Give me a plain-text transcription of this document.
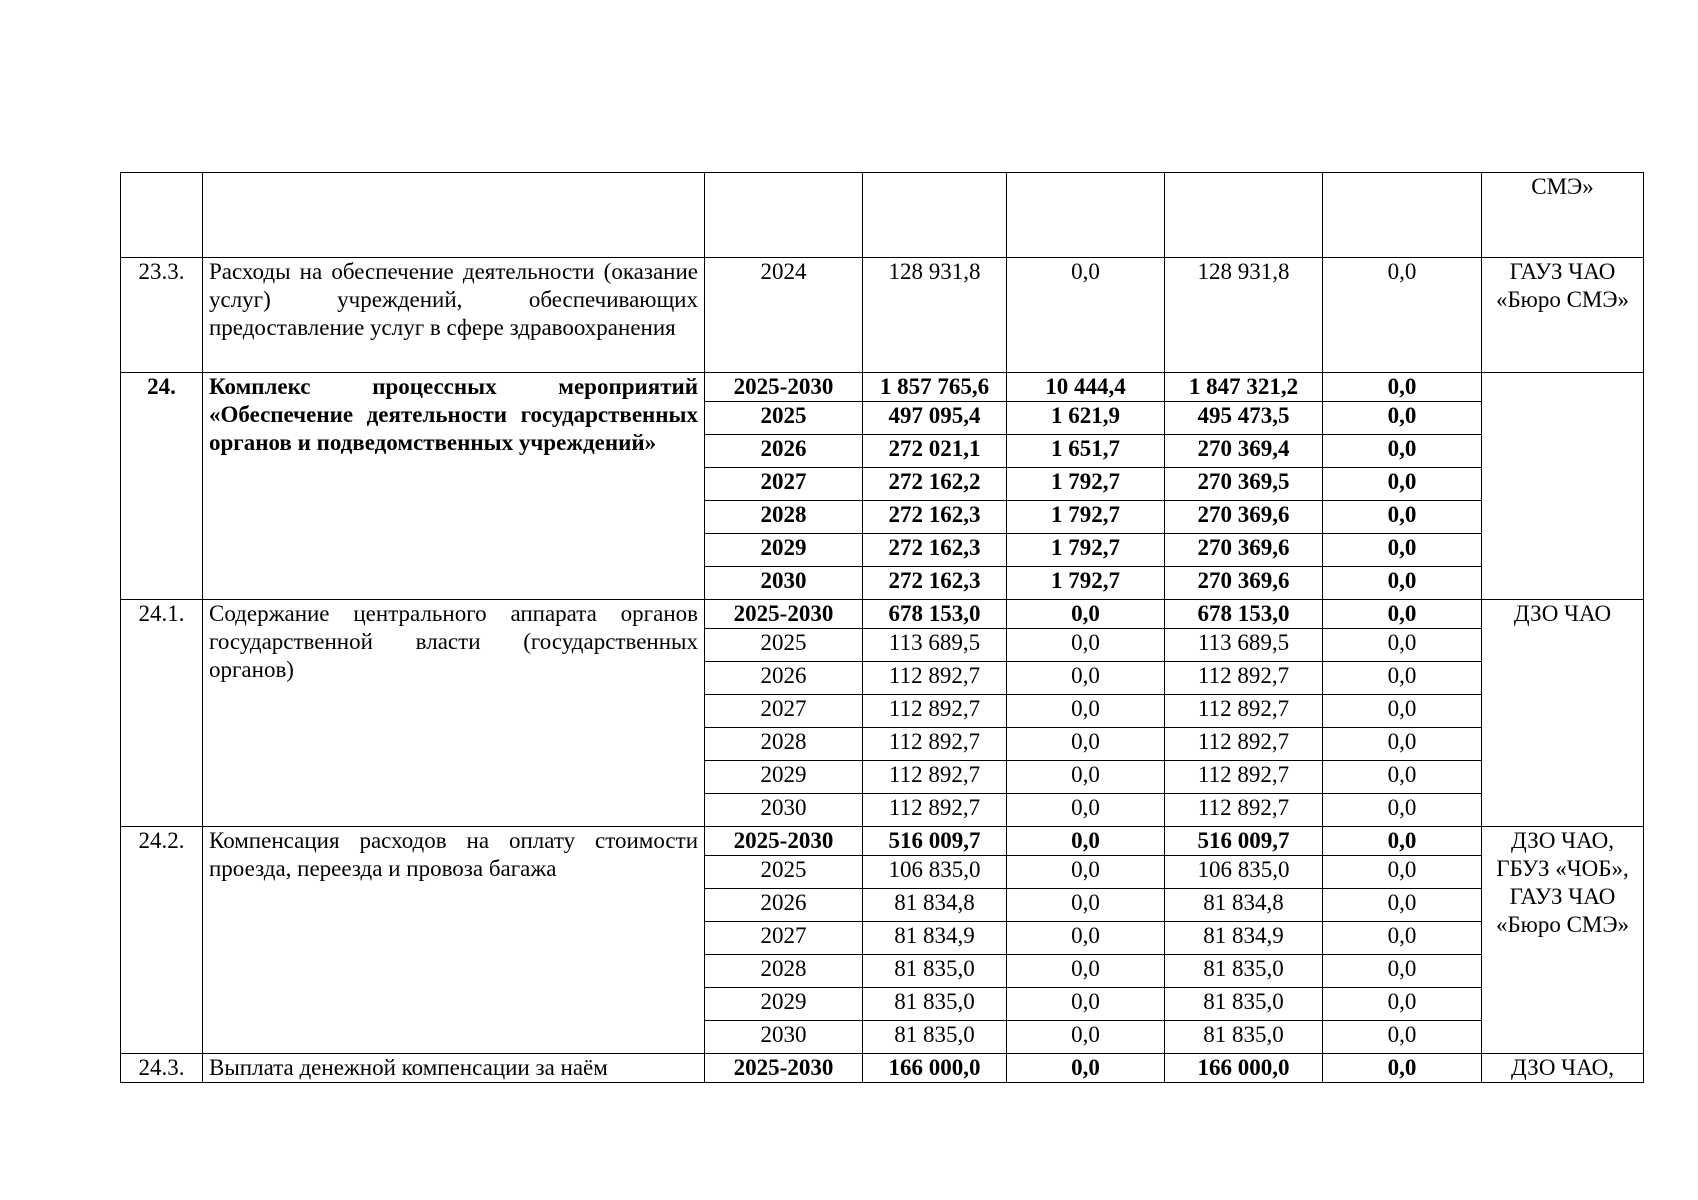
							СМЭ»
23.3.	Расходы на обеспечение деятельности (оказание услуг) учреждений, обеспечивающих предоставление услуг в сфере здравоохранения	2024	128 931,8	0,0	128 931,8	0,0	ГАУЗ ЧАО «Бюро СМЭ»
24.	Комплекс процессных мероприятий «Обеспечение деятельности государственных органов и подведомственных учреждений»	2025-2030	1 857 765,6	10 444,4	1 847 321,2	0,0	
		2025	497 095,4	1 621,9	495 473,5	0,0	
		2026	272 021,1	1 651,7	270 369,4	0,0	
		2027	272 162,2	1 792,7	270 369,5	0,0	
		2028	272 162,3	1 792,7	270 369,6	0,0	
		2029	272 162,3	1 792,7	270 369,6	0,0	
		2030	272 162,3	1 792,7	270 369,6	0,0	
24.1.	Содержание центрального аппарата органов государственной власти (государственных органов)	2025-2030	678 153,0	0,0	678 153,0	0,0	ДЗО ЧАО
		2025	113 689,5	0,0	113 689,5	0,0	
		2026	112 892,7	0,0	112 892,7	0,0	
		2027	112 892,7	0,0	112 892,7	0,0	
		2028	112 892,7	0,0	112 892,7	0,0	
		2029	112 892,7	0,0	112 892,7	0,0	
		2030	112 892,7	0,0	112 892,7	0,0	
24.2.	Компенсация расходов на оплату стоимости проезда, переезда и провоза багажа	2025-2030	516 009,7	0,0	516 009,7	0,0	ДЗО ЧАО, ГБУЗ «ЧОБ», ГАУЗ ЧАО «Бюро СМЭ»
		2025	106 835,0	0,0	106 835,0	0,0	
		2026	81 834,8	0,0	81 834,8	0,0	
		2027	81 834,9	0,0	81 834,9	0,0	
		2028	81 835,0	0,0	81 835,0	0,0	
		2029	81 835,0	0,0	81 835,0	0,0	
		2030	81 835,0	0,0	81 835,0	0,0	
24.3.	Выплата денежной компенсации за наём	2025-2030	166 000,0	0,0	166 000,0	0,0	ДЗО ЧАО,
